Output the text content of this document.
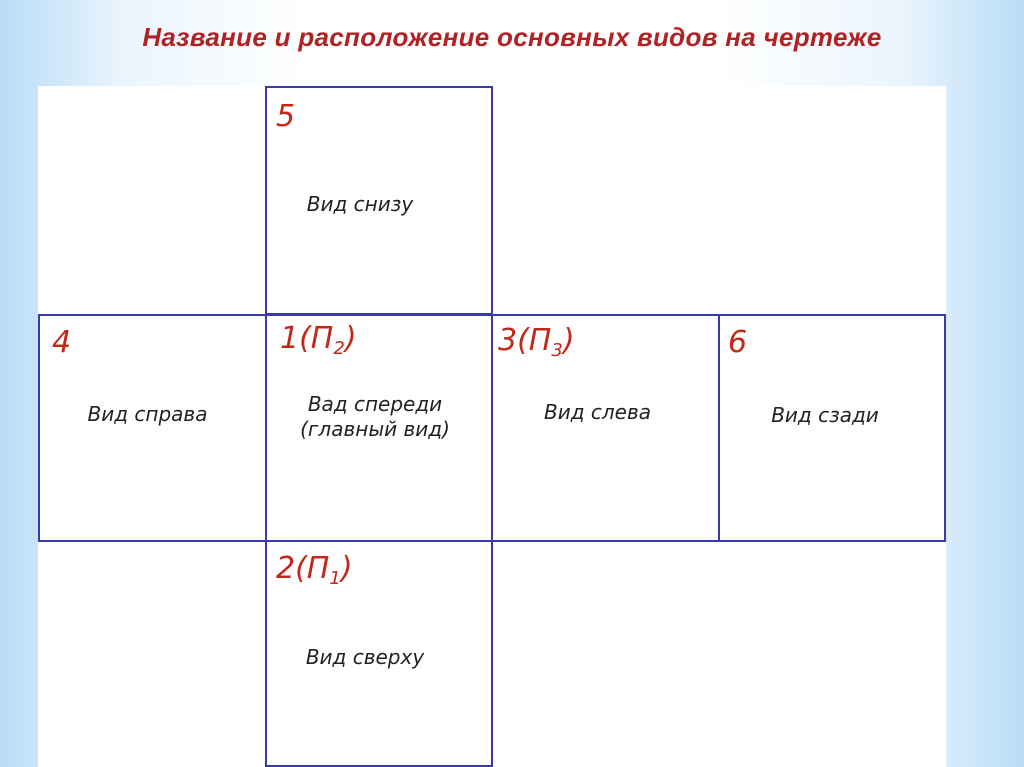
Название и расположение основных видов на чертеже
5
Вид снизу
4
Вид справа
$1(П_2)$
Вад спереди
(главный вид)
$3(П_3)$
Вид слева
6
Вид сзади
$2(П_1)$
Вид сверху
